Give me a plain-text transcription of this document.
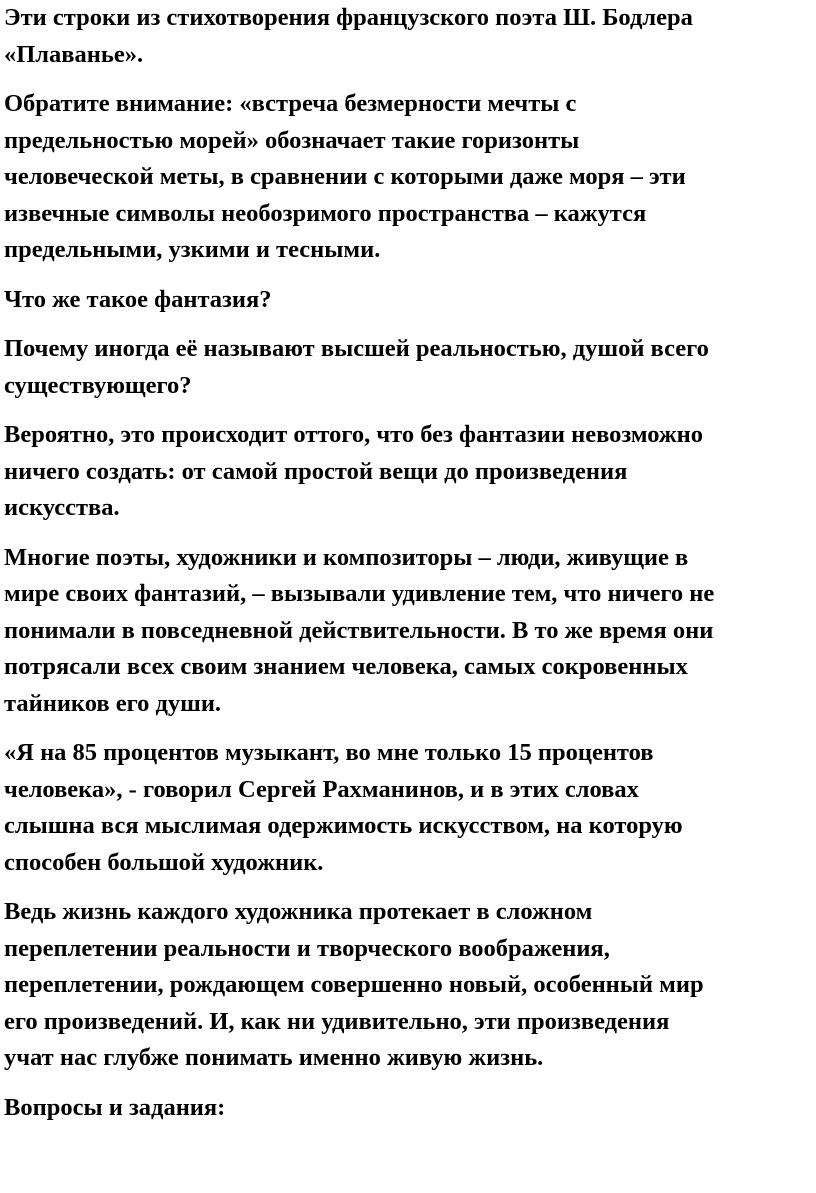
Эти строки из стихотворения французского поэта Ш. Бодлера
«Плаванье».

Обратите внимание: «встреча безмерности мечты с
предельностью морей» обозначает такие горизонты
человеческой меты, в сравнении с которыми даже моря – эти
извечные символы необозримого пространства – кажутся
предельными, узкими и тесными.

Что же такое фантазия?

Почему иногда её называют высшей реальностью, душой всего
существующего?

Вероятно, это происходит оттого, что без фантазии невозможно
ничего создать: от самой простой вещи до произведения
искусства.

Многие поэты, художники и композиторы – люди, живущие в
мире своих фантазий, – вызывали удивление тем, что ничего не
понимали в повседневной действительности. В то же время они
потрясали всех своим знанием человека, самых сокровенных
тайников его души.

«Я на 85 процентов музыкант, во мне только 15 процентов
человека», - говорил Сергей Рахманинов, и в этих словах
слышна вся мыслимая одержимость искусством, на которую
способен большой художник.

Ведь жизнь каждого художника протекает в сложном
переплетении реальности и творческого воображения,
переплетении, рождающем совершенно новый, особенный мир
его произведений. И, как ни удивительно, эти произведения
учат нас глубже понимать именно живую жизнь.

Вопросы и задания:
